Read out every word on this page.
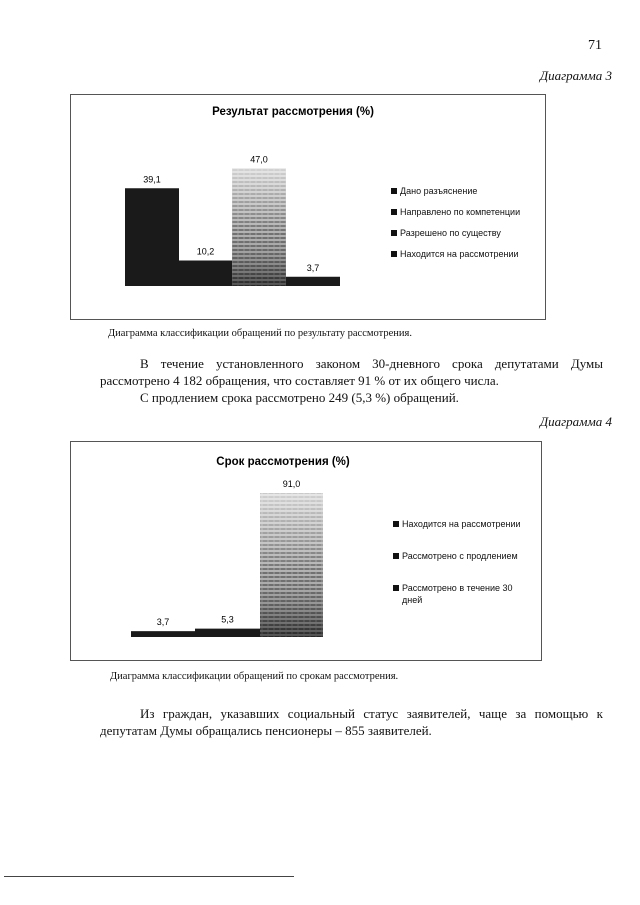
71
Диаграмма 3
Результат рассмотрения (%)
39,1
10,2
47,0
3,7
Дано разъяснение
Направлено по компетенции
Разрешено по существу
Находится на рассмотрении
Диаграмма классификации обращений по результату рассмотрения.
В течение установленного законом 30-дневного срока депутатами Думы рассмотрено 4 182 обращения, что составляет 91 % от их общего числа.
С продлением срока рассмотрено 249 (5,3 %) обращений.
Диаграмма 4
Срок рассмотрения (%)
3,7	5,3
91,0
Находится на рассмотрении
Рассмотрено с продлением
Рассмотрено в течение 30 дней
Диаграмма классификации обращений по срокам рассмотрения.
Из граждан, указавших социальный статус заявителей, чаще за помощью к депутатам Думы обращались пенсионеры – 855 заявителей.
